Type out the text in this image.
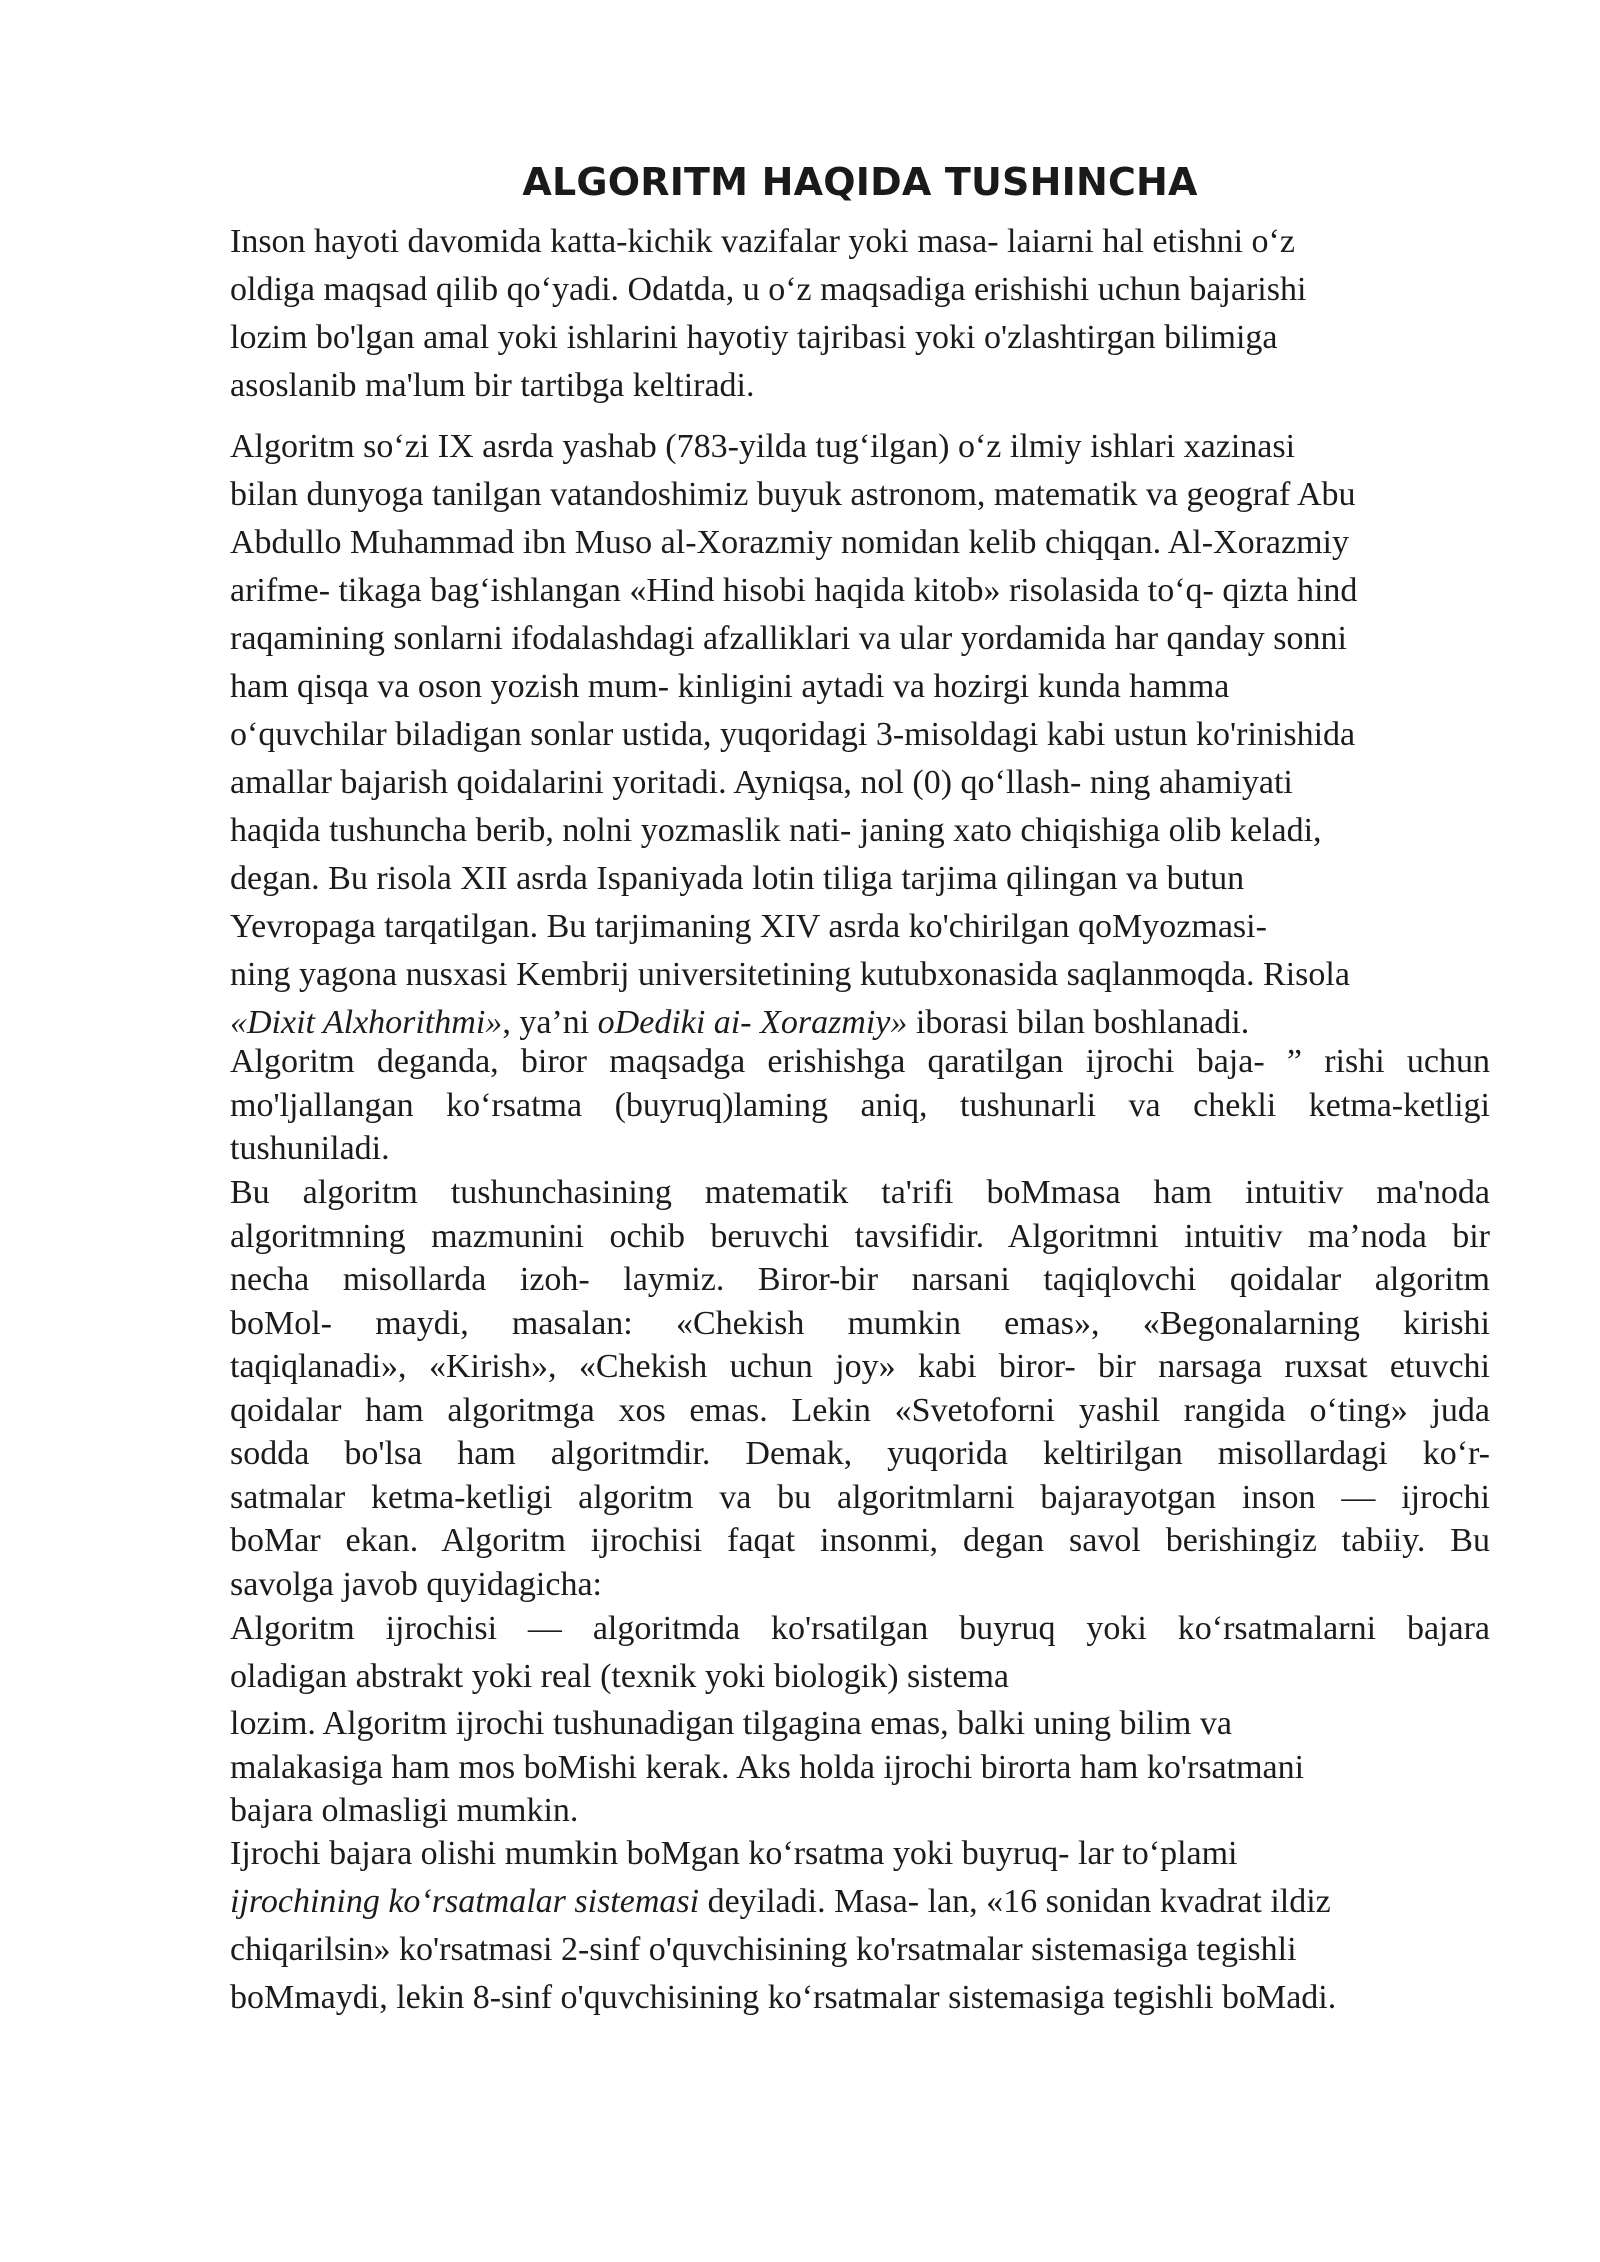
ALGORITM HAQIDA TUSHINCHA
Inson hayoti davomida katta-kichik vazifalar yoki masa- laiarni hal etishni o‘z
oldiga maqsad qilib qo‘yadi. Odatda, u o‘z maqsadiga erishishi uchun bajarishi
lozim bo'lgan amal yoki ishlarini hayotiy tajribasi yoki o'zlashtirgan bilimiga
asoslanib ma'lum bir tartibga keltiradi.
Algoritm so‘zi IX asrda yashab (783-yilda tug‘ilgan) o‘z ilmiy ishlari xazinasi
bilan dunyoga tanilgan vatandoshimiz buyuk astronom, matematik va geograf Abu
Abdullo Muhammad ibn Muso al-Xorazmiy nomidan kelib chiqqan. Al-Xorazmiy
arifme- tikaga bag‘ishlangan «Hind hisobi haqida kitob» risolasida to‘q- qizta hind
raqamining sonlarni ifodalashdagi afzalliklari va ular yordamida har qanday sonni
ham qisqa va oson yozish mum- kinligini aytadi va hozirgi kunda hamma
o‘quvchilar biladigan sonlar ustida, yuqoridagi 3-misoldagi kabi ustun ko'rinishida
amallar bajarish qoidalarini yoritadi. Ayniqsa, nol (0) qo‘llash- ning ahamiyati
haqida tushuncha berib, nolni yozmaslik nati- janing xato chiqishiga olib keladi,
degan. Bu risola XII asrda Ispaniyada lotin tiliga tarjima qilingan va butun
Yevropaga tarqatilgan. Bu tarjimaning XIV asrda ko'chirilgan qoMyozmasi-
ning yagona nusxasi Kembrij universitetining kutubxonasida saqlanmoqda. Risola
«Dixit Alxhorithmi», ya’ni oDediki ai- Xorazmiy» iborasi bilan boshlanadi.
Algoritm deganda, biror maqsadga erishishga qaratilgan ijrochi baja- ” rishi uchun
mo'ljallangan ko‘rsatma (buyruq)laming aniq, tushunarli va chekli ketma-ketligi
tushuniladi.
Bu algoritm tushunchasining matematik ta'rifi boMmasa ham intuitiv ma'noda
algoritmning mazmunini ochib beruvchi tavsifidir. Algoritmni intuitiv ma’noda bir
necha misollarda izoh- laymiz. Biror-bir narsani taqiqlovchi qoidalar algoritm
boMol- maydi, masalan: «Chekish mumkin emas», «Begonalarning kirishi
taqiqlanadi», «Kirish», «Chekish uchun joy» kabi biror- bir narsaga ruxsat etuvchi
qoidalar ham algoritmga xos emas. Lekin «Svetoforni yashil rangida o‘ting» juda
sodda bo'lsa ham algoritmdir. Demak, yuqorida keltirilgan misollardagi ko‘r-
satmalar ketma-ketligi algoritm va bu algoritmlarni bajarayotgan inson — ijrochi
boMar ekan. Algoritm ijrochisi faqat insonmi, degan savol berishingiz tabiiy. Bu
savolga javob quyidagicha:
Algoritm ijrochisi — algoritmda ko'rsatilgan buyruq yoki ko‘rsatmalarni bajara
oladigan abstrakt yoki real (texnik yoki biologik) sistema
lozim. Algoritm ijrochi tushunadigan tilgagina emas, balki uning bilim va
malakasiga ham mos boMishi kerak. Aks holda ijrochi birorta ham ko'rsatmani
bajara olmasligi mumkin.
Ijrochi bajara olishi mumkin boMgan ko‘rsatma yoki buyruq- lar to‘plami
ijrochining ko‘rsatmalar sistemasi deyiladi. Masa- lan, «16 sonidan kvadrat ildiz
chiqarilsin» ko'rsatmasi 2-sinf o'quvchisining ko'rsatmalar sistemasiga tegishli
boMmaydi, lekin 8-sinf o'quvchisining ko‘rsatmalar sistemasiga tegishli boMadi.
